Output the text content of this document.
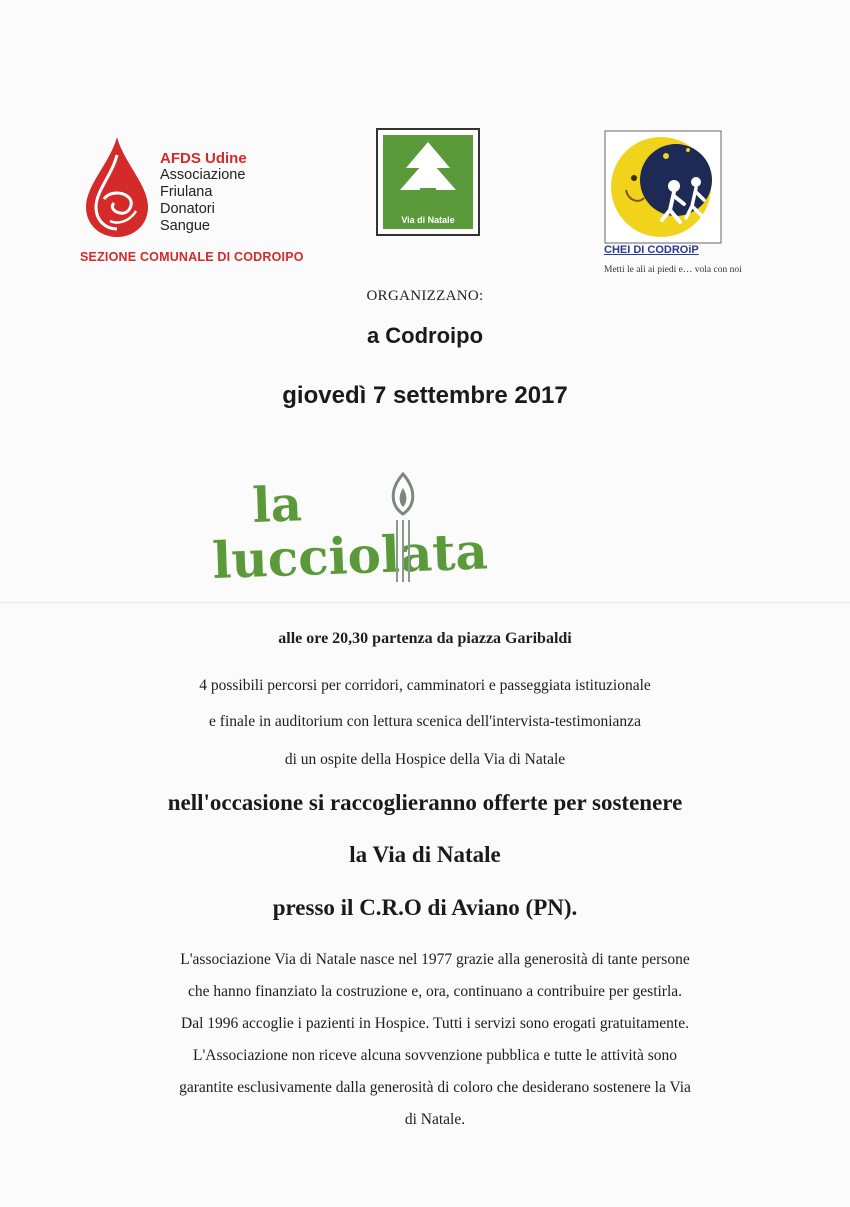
AFDS Udine
Associazione
Friulana
Donatori
Sangue
SEZIONE COMUNALE DI CODROIPO
Via di Natale
CHEI DI CODROiP
Metti le ali ai piedi e… vola con noi
ORGANIZZANO:
a Codroipo
giovedì 7 settembre 2017
la
lucciolata
alle ore 20,30 partenza da piazza Garibaldi
4 possibili percorsi per corridori, camminatori e passeggiata istituzionale
e finale in auditorium con lettura scenica dell'intervista-testimonianza
di un ospite della Hospice della Via di Natale
nell'occasione si raccoglieranno offerte per sostenere
la Via di Natale
presso il C.R.O di Aviano (PN).
L'associazione Via di Natale nasce nel 1977 grazie alla generosità di tante persone
che hanno finanziato la costruzione e, ora, continuano a contribuire per gestirla.
Dal 1996 accoglie i pazienti in Hospice. Tutti i servizi sono erogati gratuitamente.
L'Associazione non riceve alcuna sovvenzione pubblica e tutte le attività sono
garantite esclusivamente dalla generosità di coloro che desiderano sostenere la Via
di Natale.
